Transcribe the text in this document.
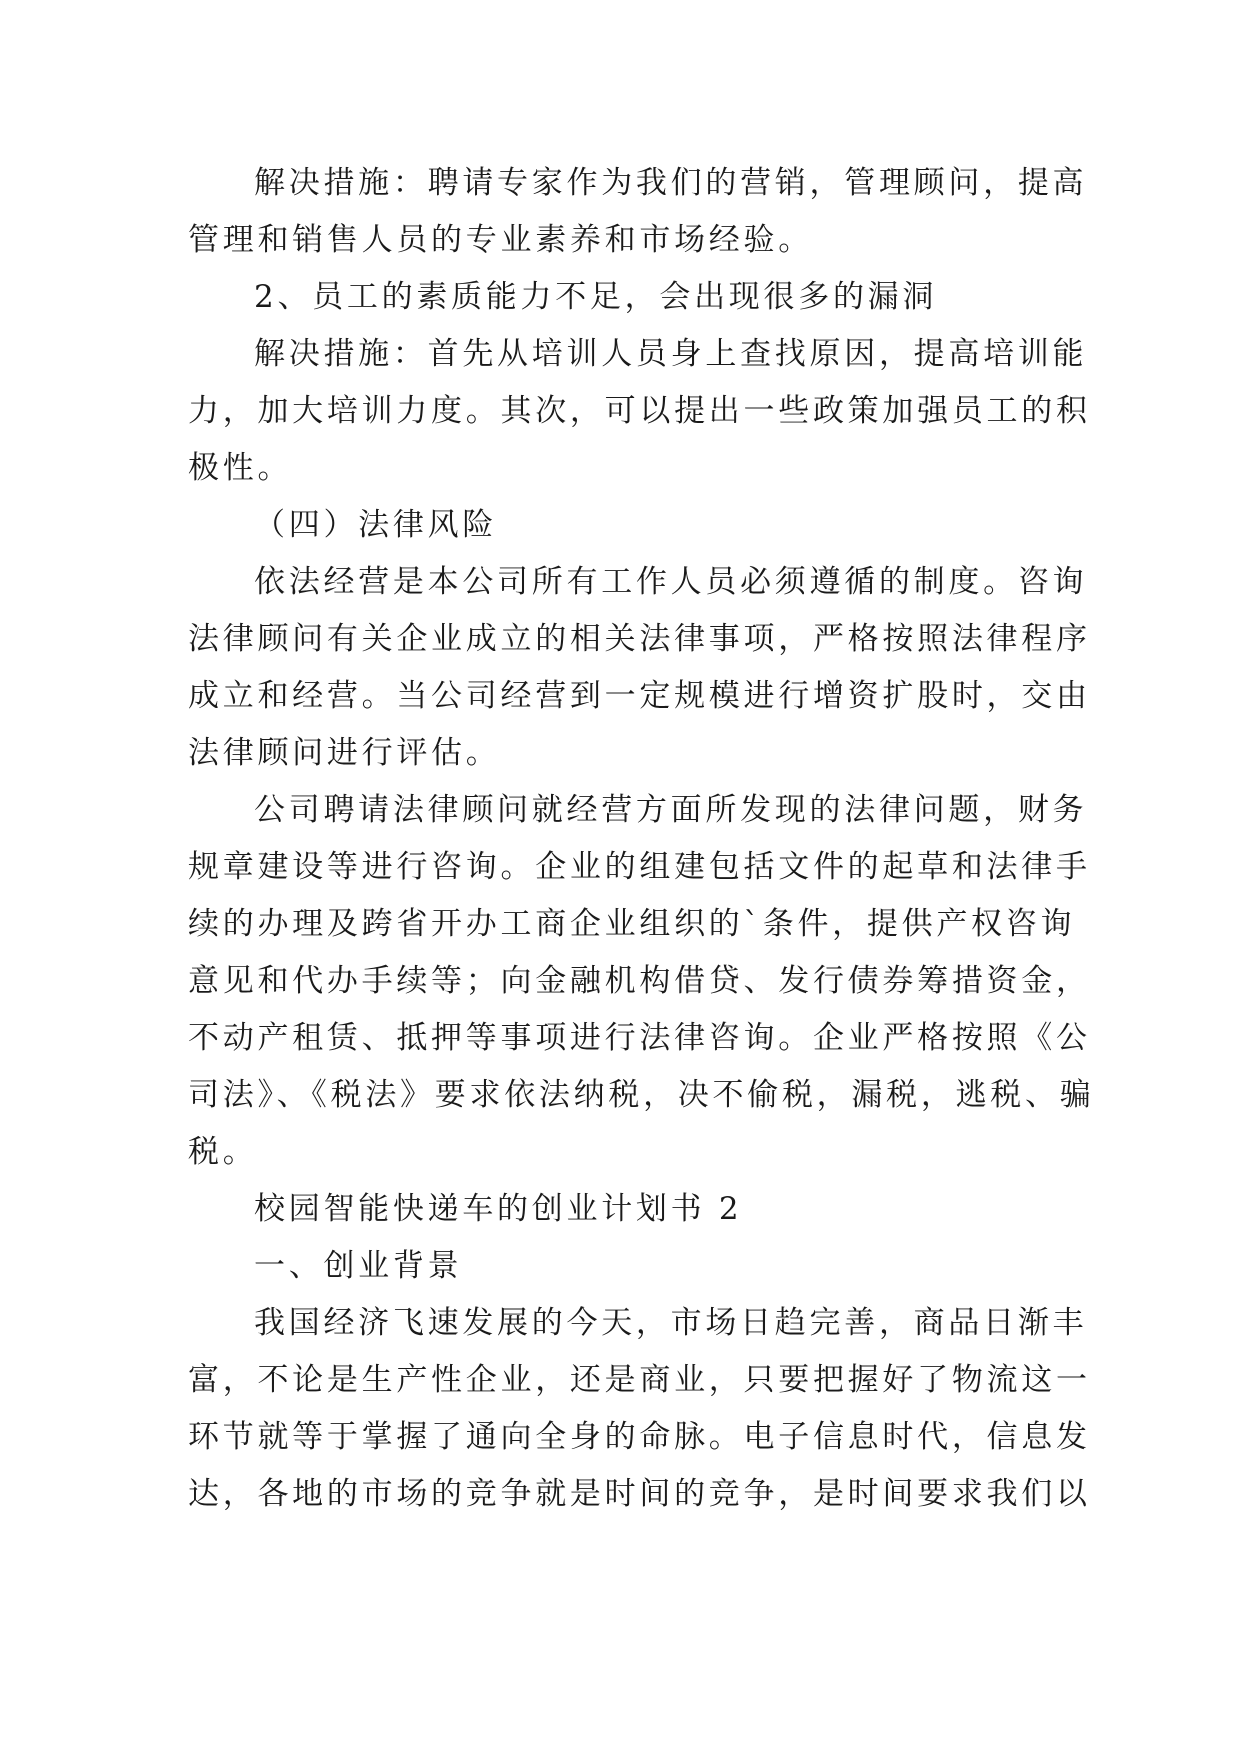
解决措施：聘请专家作为我们的营销，管理顾问，提高
管理和销售人员的专业素养和市场经验。
2、员工的素质能力不足，会出现很多的漏洞
解决措施：首先从培训人员身上查找原因，提高培训能
力，加大培训力度。其次，可以提出一些政策加强员工的积
极性。
（四）法律风险
依法经营是本公司所有工作人员必须遵循的制度。咨询
法律顾问有关企业成立的相关法律事项，严格按照法律程序
成立和经营。当公司经营到一定规模进行增资扩股时，交由
法律顾问进行评估。
公司聘请法律顾问就经营方面所发现的法律问题，财务
规章建设等进行咨询。企业的组建包括文件的起草和法律手
续的办理及跨省开办工商企业组织的`条件，提供产权咨询
意见和代办手续等；向金融机构借贷、发行债券筹措资金，
不动产租赁、抵押等事项进行法律咨询。企业严格按照《公
司法》、《税法》要求依法纳税，决不偷税，漏税，逃税、骗
税。
校园智能快递车的创业计划书 2
一、创业背景
我国经济飞速发展的今天，市场日趋完善，商品日渐丰
富，不论是生产性企业，还是商业，只要把握好了物流这一
环节就等于掌握了通向全身的命脉。电子信息时代，信息发
达，各地的市场的竞争就是时间的竞争，是时间要求我们以
